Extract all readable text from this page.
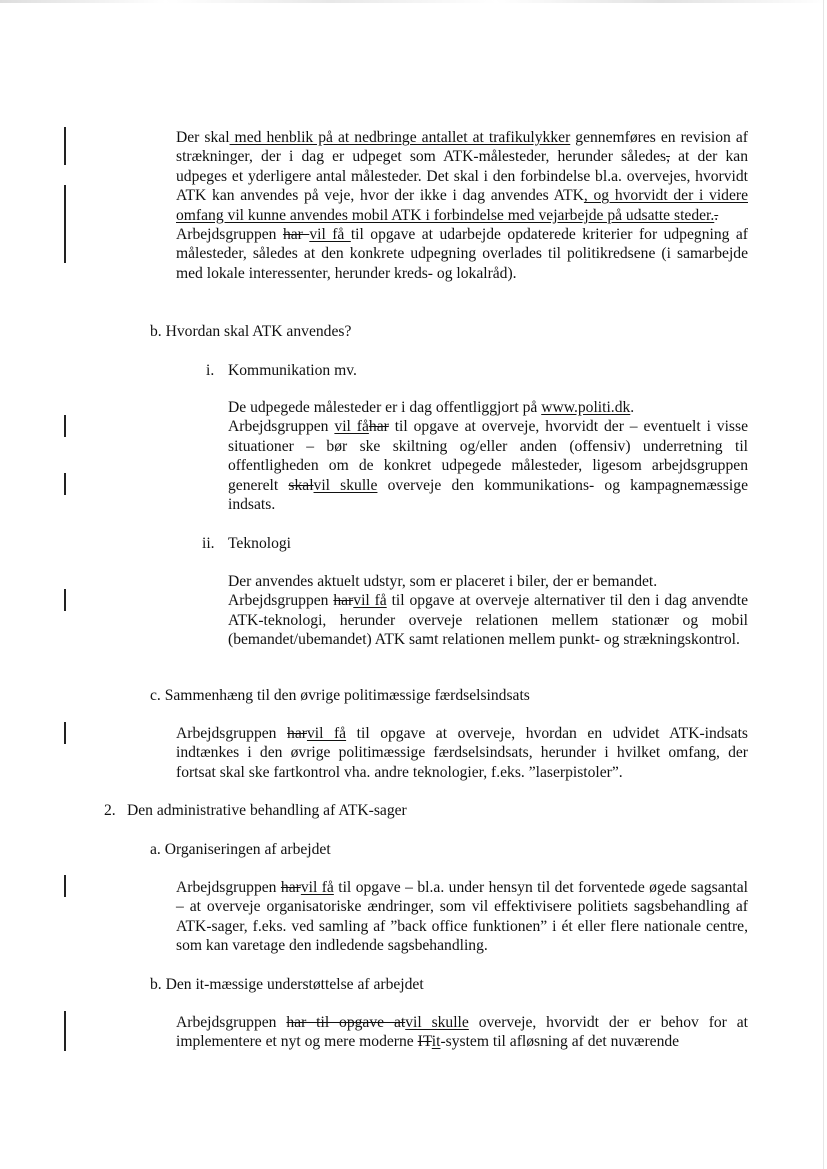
Der skal med henblik på at nedbringe antallet at trafikulykker gennemføres en revision af strækninger, der i dag er udpeget som ATK-målesteder, herunder således, at der kan udpeges et yderligere antal målesteder. Det skal i den forbindelse bl.a. overvejes, hvorvidt ATK kan anvendes på veje, hvor der ikke i dag anvendes ATK, og hvorvidt der i videre omfang vil kunne anvendes mobil ATK i forbindelse med vejarbejde på udsatte steder..

Arbejdsgruppen har vil få til opgave at udarbejde opdaterede kriterier for udpegning af målesteder, således at den konkrete udpegning overlades til politikredsene (i samarbejde med lokale interessenter, herunder kreds- og lokalråd).

b. Hvordan skal ATK anvendes?
i. Kommunikation mv.

De udpegede målesteder er i dag offentliggjort på www.politi.dk.

Arbejdsgruppen vil fåhar til opgave at overveje, hvorvidt der – eventuelt i visse situationer – bør ske skiltning og/eller anden (offensiv) underretning til offentligheden om de konkret udpegede målesteder, ligesom arbejdsgruppen generelt skalvil skulle overveje den kommunikations- og kampagnemæssige indsats.

ii. Teknologi

Der anvendes aktuelt udstyr, som er placeret i biler, der er bemandet.

Arbejdsgruppen harvil få til opgave at overveje alternativer til den i dag anvendte ATK-teknologi, herunder overveje relationen mellem stationær og mobil (bemandet/ubemandet) ATK samt relationen mellem punkt- og strækningskontrol.

c. Sammenhæng til den øvrige politimæssige færdselsindsats

Arbejdsgruppen harvil få til opgave at overveje, hvordan en udvidet ATK-indsats indtænkes i den øvrige politimæssige færdselsindsats, herunder i hvilket omfang, der fortsat skal ske fartkontrol vha. andre teknologier, f.eks. ”laserpistoler”.

2. Den administrative behandling af ATK-sager
a. Organiseringen af arbejdet

Arbejdsgruppen harvil få til opgave – bl.a. under hensyn til det forventede øgede sagsantal – at overveje organisatoriske ændringer, som vil effektivisere politiets sagsbehandling af ATK-sager, f.eks. ved samling af ”back office funktionen” i ét eller flere nationale centre, som kan varetage den indledende sagsbehandling.

b. Den it-mæssige understøttelse af arbejdet

Arbejdsgruppen har til opgave atvil skulle overveje, hvorvidt der er behov for at implementere et nyt og mere moderne ITit-system til afløsning af det nuværende
